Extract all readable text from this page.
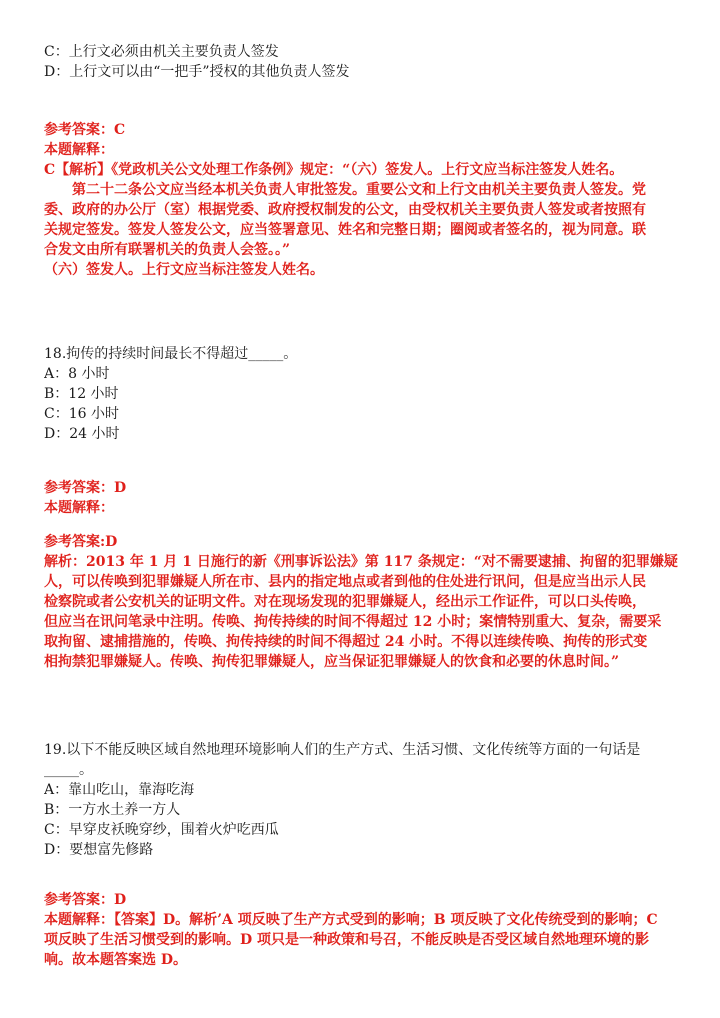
C：上行文必须由机关主要负责人签发
D：上行文可以由“一把手”授权的其他负责人签发
参考答案：C
本题解释：
C【解析】《党政机关公文处理工作条例》规定：“（六）签发人。上行文应当标注签发人姓名。
第二十二条公文应当经本机关负责人审批签发。重要公文和上行文由机关主要负责人签发。党
委、政府的办公厅（室）根据党委、政府授权制发的公文，由受权机关主要负责人签发或者按照有
关规定签发。签发人签发公文，应当签署意见、姓名和完整日期；圈阅或者签名的，视为同意。联
合发文由所有联署机关的负责人会签。。”
（六）签发人。上行文应当标注签发人姓名。
18.拘传的持续时间最长不得超过_____。
A：8 小时
B：12 小时
C：16 小时
D：24 小时
参考答案：D
本题解释：
参考答案:D
解析：2013 年 1 月 1 日施行的新《刑事诉讼法》第 117 条规定：“对不需要逮捕、拘留的犯罪嫌疑
人，可以传唤到犯罪嫌疑人所在市、县内的指定地点或者到他的住处进行讯问，但是应当出示人民
检察院或者公安机关的证明文件。对在现场发现的犯罪嫌疑人，经出示工作证件，可以口头传唤，
但应当在讯问笔录中注明。传唤、拘传持续的时间不得超过 12 小时；案情特别重大、复杂，需要采
取拘留、逮捕措施的，传唤、拘传持续的时间不得超过 24 小时。不得以连续传唤、拘传的形式变
相拘禁犯罪嫌疑人。传唤、拘传犯罪嫌疑人，应当保证犯罪嫌疑人的饮食和必要的休息时间。”
19.以下不能反映区域自然地理环境影响人们的生产方式、生活习惯、文化传统等方面的一句话是
_____。
A：靠山吃山，靠海吃海
B：一方水土养一方人
C：早穿皮袄晚穿纱，围着火炉吃西瓜
D：要想富先修路
参考答案：D
本题解释：【答案】D。解析’A 项反映了生产方式受到的影响；B 项反映了文化传统受到的影响；C
项反映了生活习惯受到的影响。D 项只是一种政策和号召，不能反映是否受区域自然地理环境的影
响。故本题答案选 D。
